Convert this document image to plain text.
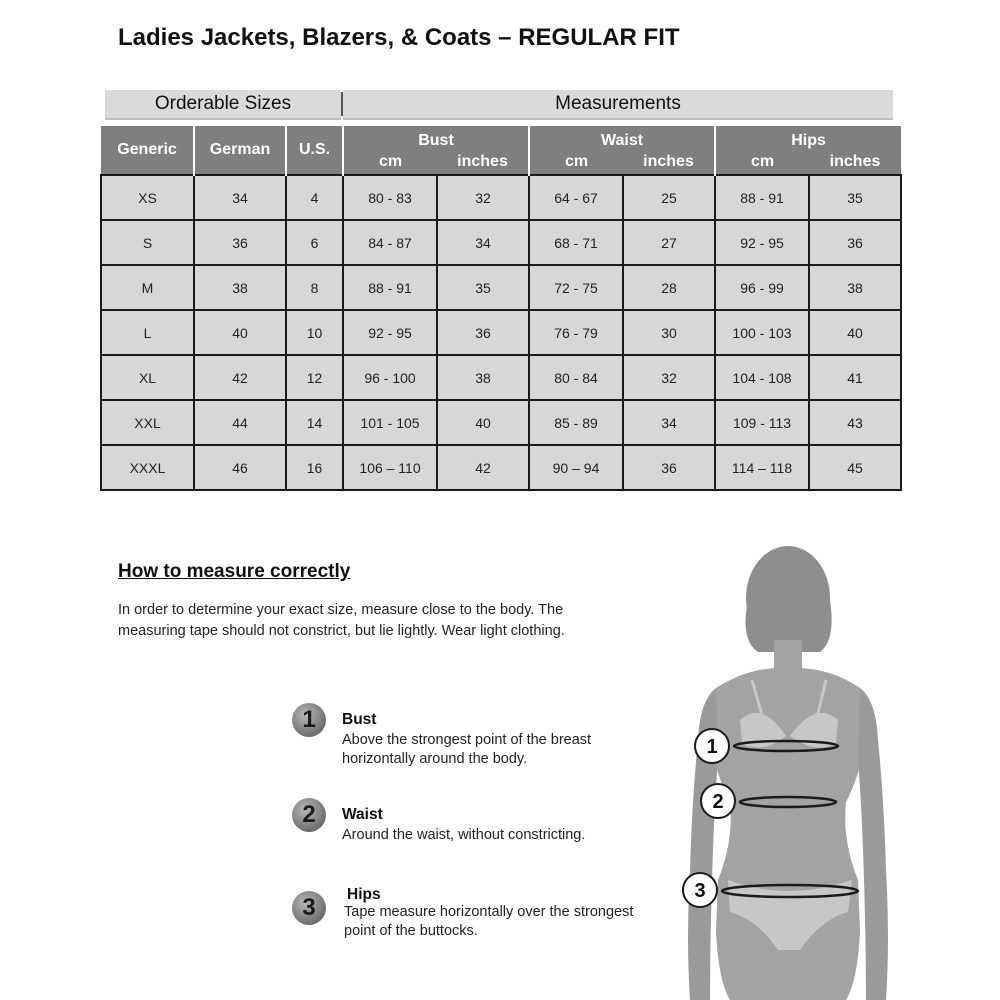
Ladies Jackets, Blazers, & Coats – REGULAR FIT
Orderable Sizes	Measurements
Generic	German	U.S.	Bust		Waist		Hips	
			cm	inches	cm	inches	cm	inches
XS	34	4	80 - 83	32	64 - 67	25	88 - 91	35
S	36	6	84 - 87	34	68 - 71	27	92 - 95	36
M	38	8	88 - 91	35	72 - 75	28	96 - 99	38
L	40	10	92 - 95	36	76 - 79	30	100 - 103	40
XL	42	12	96 - 100	38	80 - 84	32	104 - 108	41
XXL	44	14	101 - 105	40	85 - 89	34	109 - 113	43
XXXL	46	16	106 – 110	42	90 – 94	36	114 – 118	45
How to measure correctly
In order to determine your exact size, measure close to the body. The measuring tape should not constrict, but lie lightly. Wear light clothing.
1	Bust
Above the strongest point of the breast horizontally around the body.
2	Waist
Around the waist, without constricting.
3	Hips
Tape measure horizontally over the strongest point of the buttocks.
1
2
3
